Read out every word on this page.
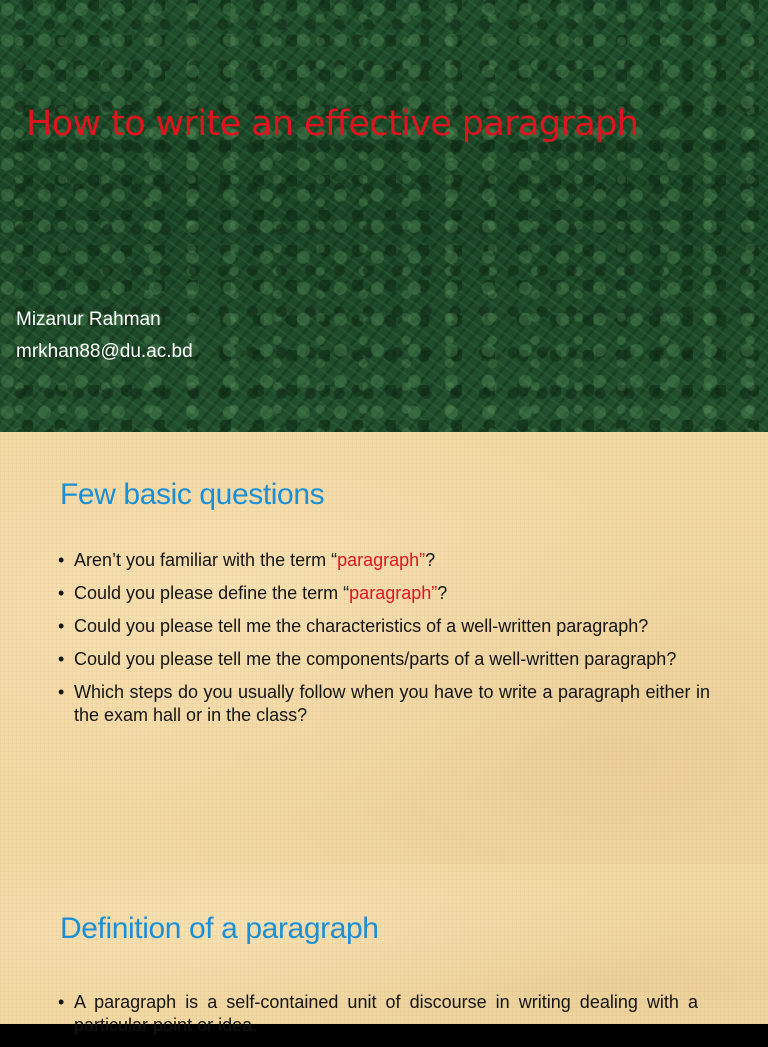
How to write an effective paragraph
Mizanur Rahman
mrkhan88@du.ac.bd
Few basic questions
• Aren’t you familiar with the term “paragraph”?
• Could you please define the term “paragraph”?
• Could you please tell me the characteristics of a well-written paragraph?
• Could you please tell me the components/parts of a well-written paragraph?
• Which steps do you usually follow when you have to write a paragraph either in the exam hall or in the class?
Definition of a paragraph
• A paragraph is a self-contained unit of discourse in writing dealing with a particular point or idea.
